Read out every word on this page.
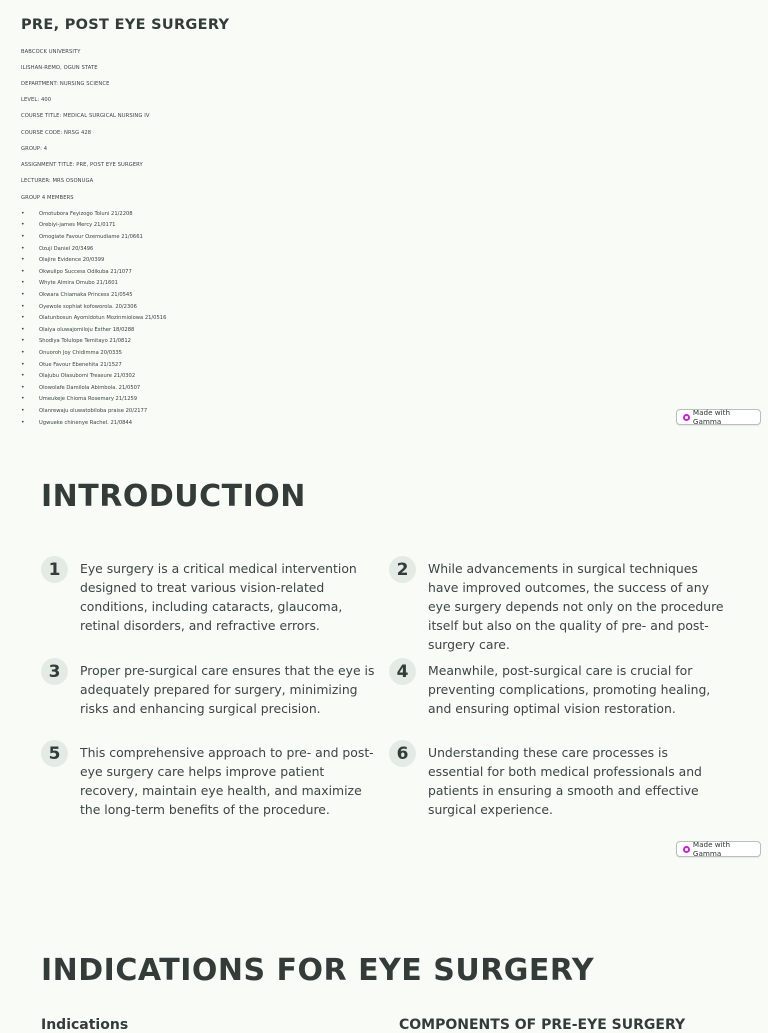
PRE, POST EYE SURGERY
BABCOCK UNIVERSITY
ILISHAN-REMO, OGUN STATE
DEPARTMENT: NURSING SCIENCE
LEVEL: 400
COURSE TITLE: MEDICAL SURGICAL NURSING IV
COURSE CODE: NRSG 428
GROUP: 4
ASSIGNMENT TITLE: PRE, POST EYE SURGERY
LECTURER: MRS OSONUGA
GROUP 4 MEMBERS
•	Omotubora Feyizogo Toluni 21/2208
•	Orebiyi-james Mercy 21/0171
•	Omogiate Favour Ozemudiame 21/0661
•	Ozuji Daniel 20/3496
•	Olajire Evidence 20/0399
•	Okwulipo Success Odikuba 21/1077
•	Whyte Almira Omubo 21/1601
•	Okwara Chiamaka Princess 21/0545
•	Oyewole sophiat kofoworola. 20/2306
•	Olatunbosun Ayomidotun Mozinmiolowa 21/0516
•	Olaiya oluwajomiloju Esther 18/0288
•	Shodiya Tolulope Temitayo 21/0812
•	Onuoroh Joy Chidimma 20/0335
•	Otue Favour Ebenehita 21/1527
•	Olajubu Olasubomi Treasure 21/0302
•	Olowolafe Damilola Abimbola. 21/0507
•	Umeukeje Chioma Rosemary 21/1259
•	Olanrewaju oluwatobiloba praise 20/2177
•	Ugwueke chinenye Rachel. 21/0844
Made with Gamma
INTRODUCTION
1	Eye surgery is a critical medical intervention designed to treat various vision-related conditions, including cataracts, glaucoma, retinal disorders, and refractive errors.
2	While advancements in surgical techniques have improved outcomes, the success of any eye surgery depends not only on the procedure itself but also on the quality of pre- and post-surgery care.
3	Proper pre-surgical care ensures that the eye is adequately prepared for surgery, minimizing risks and enhancing surgical precision.
4	Meanwhile, post-surgical care is crucial for preventing complications, promoting healing, and ensuring optimal vision restoration.
5	This comprehensive approach to pre- and post-eye surgery care helps improve patient recovery, maintain eye health, and maximize the long-term benefits of the procedure.
6	Understanding these care processes is essential for both medical professionals and patients in ensuring a smooth and effective surgical experience.
Made with Gamma
INDICATIONS FOR EYE SURGERY
Indications	COMPONENTS OF PRE-EYE SURGERY
